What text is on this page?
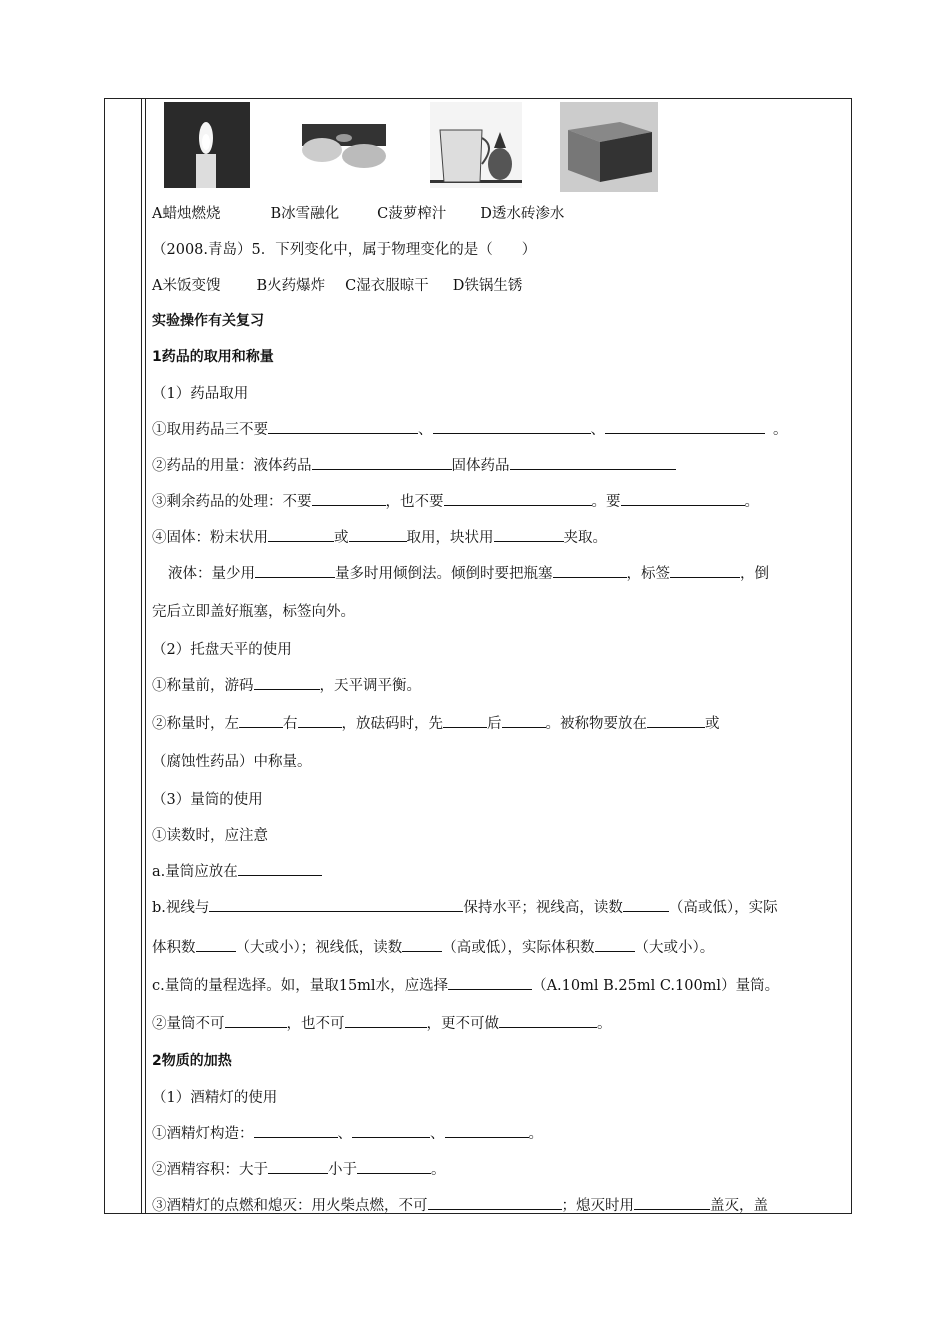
A蜡烛燃烧	B冰雪融化	C菠萝榨汁 D透水砖渗水
（2008.青岛）5．下列变化中，属于物理变化的是（　　）
A米饭变馊 B火药爆炸 C湿衣服晾干 D铁锅生锈
实验操作有关复习
1药品的取用和称量
（1）药品取用
①取用药品三不要	、	、	。
②药品的用量：液体药品	固体药品
③剩余药品的处理：不要	，也不要	。要	。
④固体：粉末状用	或	取用，块状用	夹取。
液体：量少用	量多时用倾倒法。倾倒时要把瓶塞	，标签	，倒
完后立即盖好瓶塞，标签向外。
（2）托盘天平的使用
①称量前，游码	，天平调平衡。
②称量时，左	右	，放砝码时，先	后	。被称物要放在	或
（腐蚀性药品）中称量。
（3）量筒的使用
①读数时，应注意
a.量筒应放在
b.视线与	保持水平；视线高，读数	（高或低），实际
体积数	（大或小）；视线低，读数	（高或低），实际体积数	（大或小）。
c.量筒的量程选择。如，量取15ml水，应选择	（A.10ml B.25ml C.100ml）量筒。
②量筒不可	，也不可	，更不可做	。
2物质的加热
（1）酒精灯的使用
①酒精灯构造：	、	、	。
②酒精容积：大于	小于	。
③酒精灯的点燃和熄灭：用火柴点燃，不可	；熄灭时用	盖灭，盖
